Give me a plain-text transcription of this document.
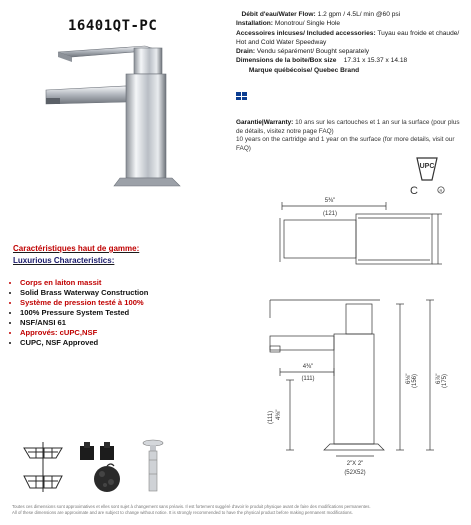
16401QT-PC
Débit d'eau/Water Flow: 1.2 gpm / 4.5L/ min @60 psi
Installation: Monotrou/ Single Hole
Accessoires inlcuses/ Included accessories: Tuyau eau froide et chaude/ Hot and Cold Water Speedway
Drain: Vendu séparément/ Bought separately
Dimensions de la boite/Box size 17.31 x 15.37 x 14.18
Marque québécoise/ Quebec Brand
Garantie|Warranty: 10 ans sur les cartouches et 1 an sur la surface (pour plus de détails, visitez notre page FAQ)
10 years on the cartridge and 1 year on the surface (for more details, visit our FAQ)
UPC
C	R
Caractéristiques haut de gamme:
Luxurious Characteristics:
• Corps en laiton massit
• Solid Brass Waterway Construction
• Système de pression testé à 100%
• 100% Pressure System Tested
• NSF/ANSI 61
• Approvés: cUPC,NSF
• CUPC, NSF Approved
5⅜"
(121)
4⅜"
(111)
4⅜"
(111)
6⅛" (156)	6⅞" (175)
2"X 2"
(52X52)
Toutes ces dimensions sont approximatives et elles sont sujet à changement sans préavis. Il est fortement suggéré d'avoir le produit physique avant de faire des modifications permanentes.
All of these dimensions are approximate and are subject to change without notice. It is strongly recommended to have the physical product before making permanent modifications.
